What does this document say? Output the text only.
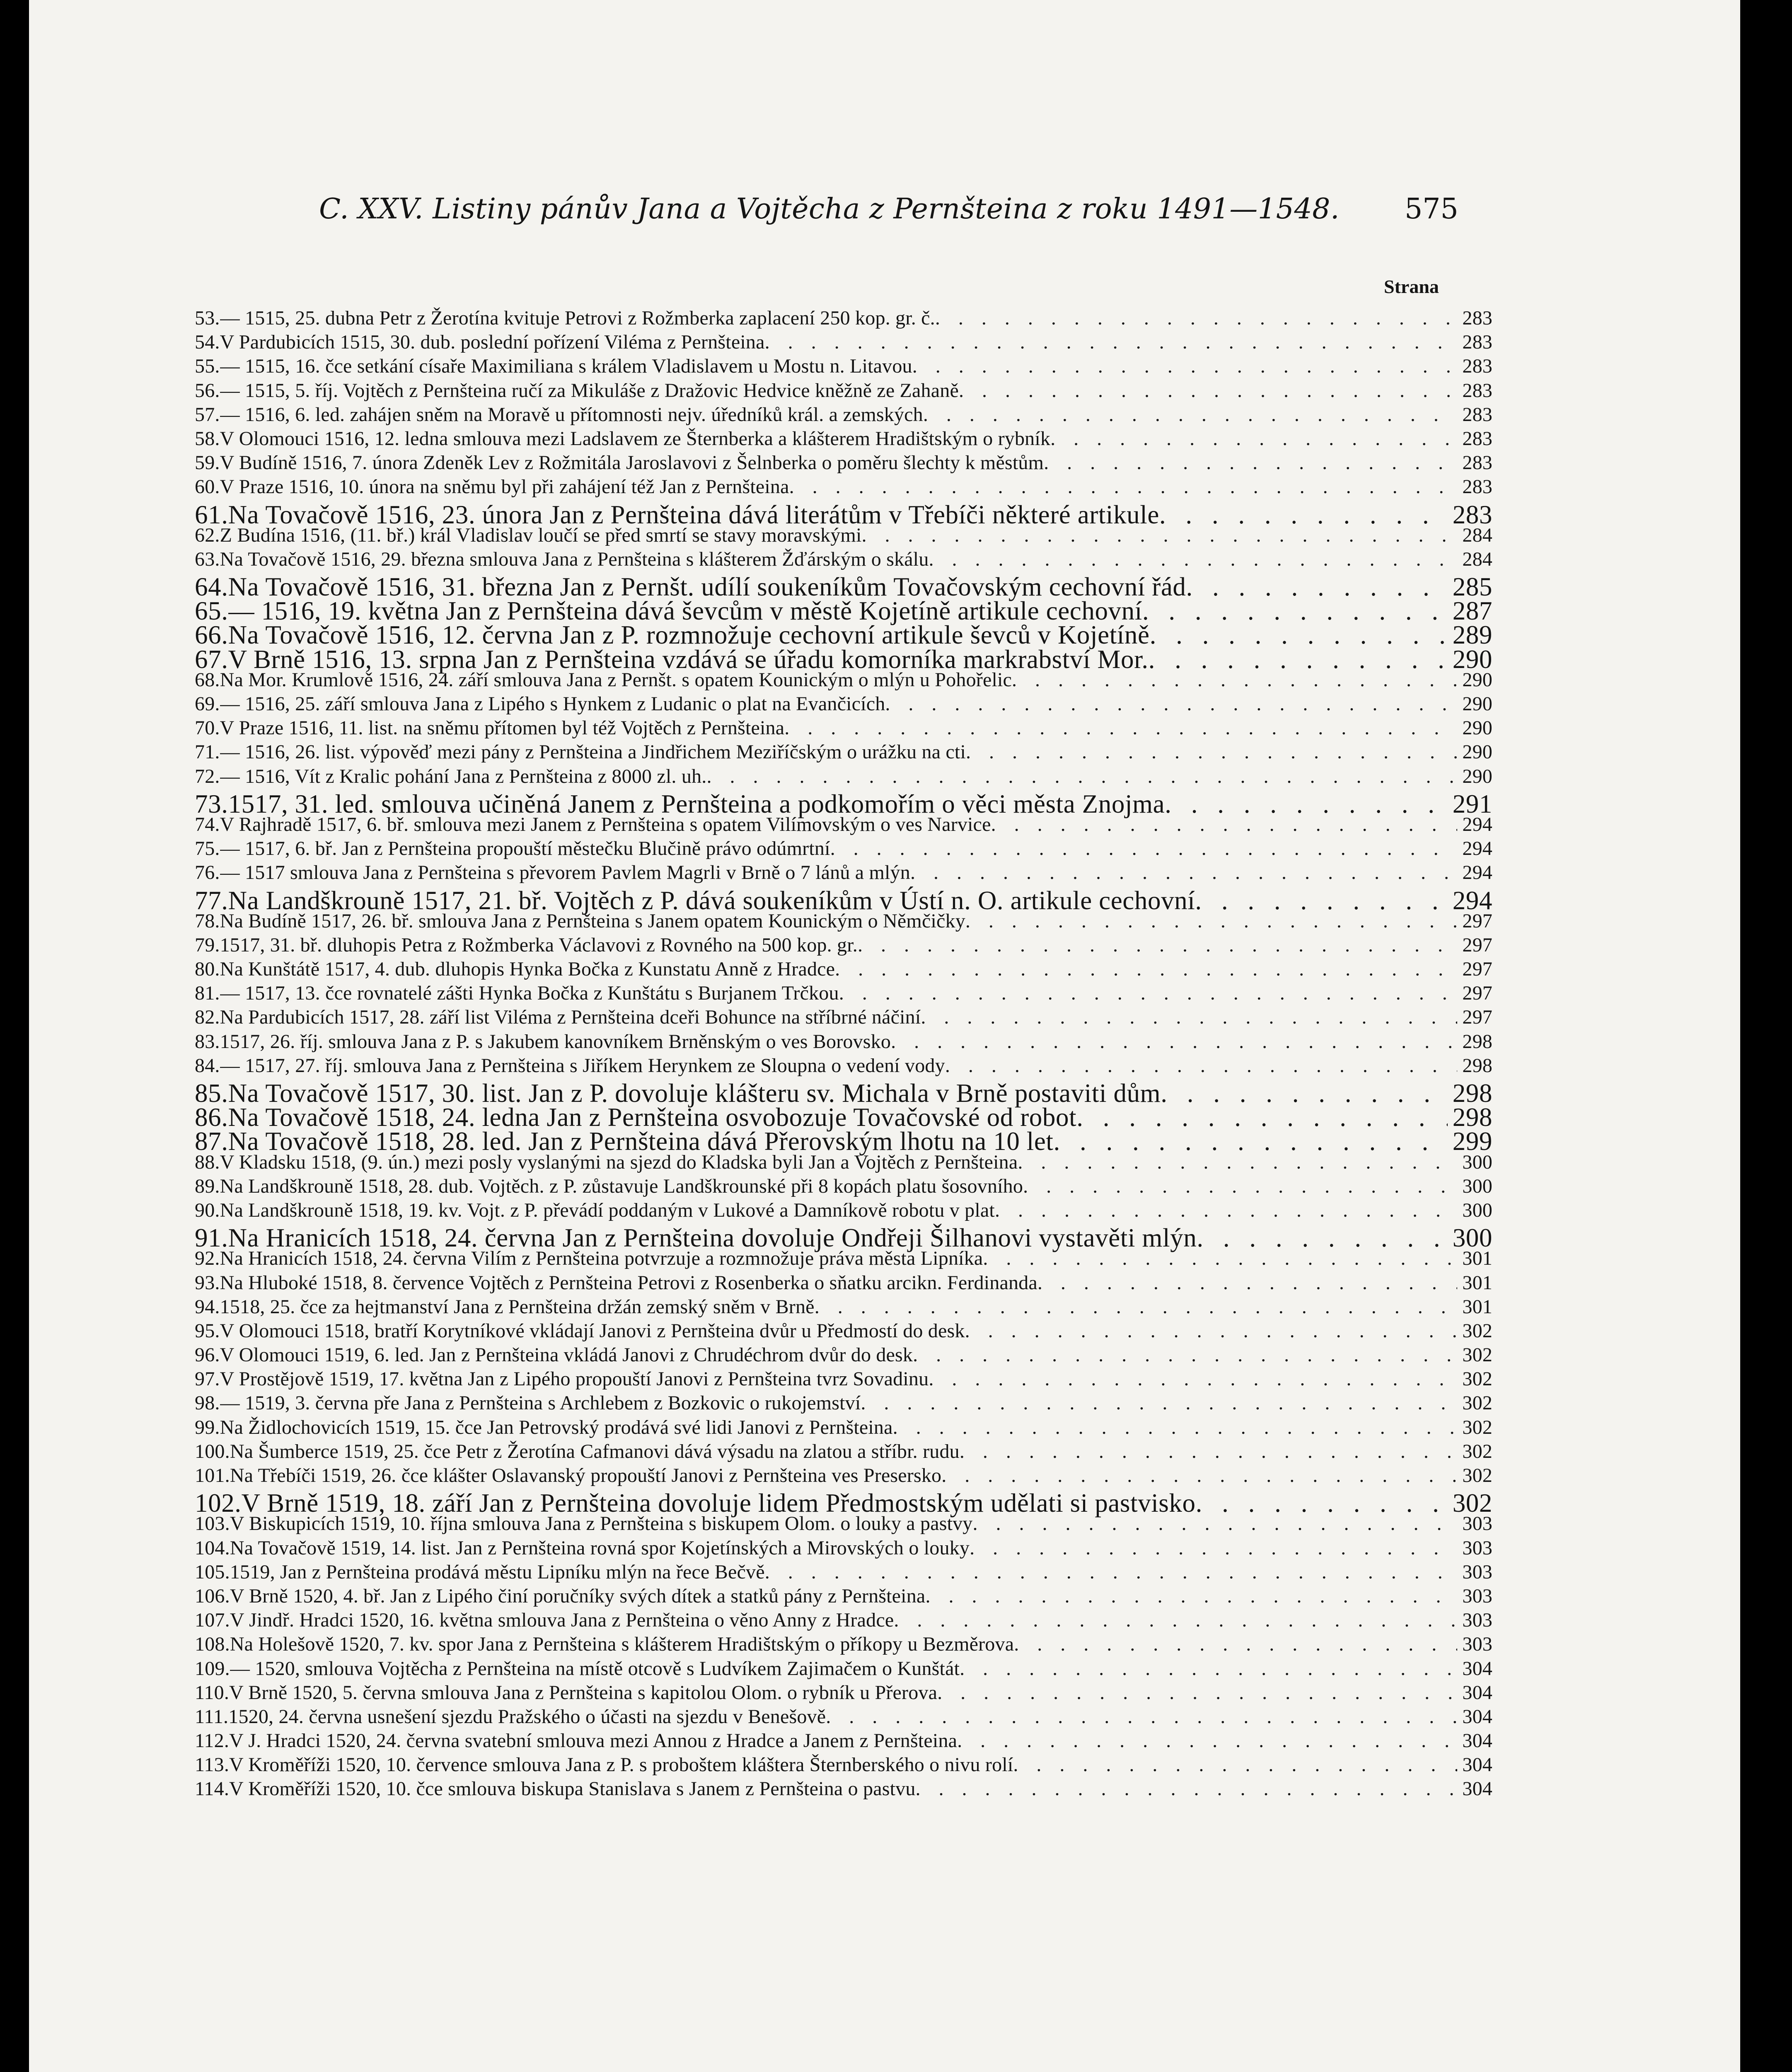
C. XXV. Listiny pánův Jana a Vojtěcha z Pernšteina z roku 1491—1548.	575
Strana
53. — 1515, 25. dubna Petr z Žerotína kvituje Petrovi z Rožmberka zaplacení 250 kop. gr. č. . . .	283
54. V Pardubicích 1515, 30. dub. poslední pořízení Viléma z Pernšteina . . .	283
55. — 1515, 16. čce setkání císaře Maximiliana s králem Vladislavem u Mostu n. Litavou . . .	283
56. — 1515, 5. říj. Vojtěch z Pernšteina ručí za Mikuláše z Dražovic Hedvice kněžně ze Zahaně . . .	283
57. — 1516, 6. led. zahájen sněm na Moravě u přítomnosti nejv. úředníků král. a zemských . . .	283
58. V Olomouci 1516, 12. ledna smlouva mezi Ladslavem ze Šternberka a klášterem Hradištským o rybník . . .	283
59. V Budíně 1516, 7. února Zdeněk Lev z Rožmitála Jaroslavovi z Šelnberka o poměru šlechty k městům . . .	283
60. V Praze 1516, 10. února na sněmu byl při zahájení též Jan z Pernšteina . . .	283
61. Na Tovačově 1516, 23. února Jan z Pernšteina dává literátům v Třebíči některé artikule . . .	283
62. Z Budína 1516, (11. bř.) král Vladislav loučí se před smrtí se stavy moravskými . . .	284
63. Na Tovačově 1516, 29. března smlouva Jana z Pernšteina s klášterem Žďárským o skálu . . .	284
64. Na Tovačově 1516, 31. března Jan z Pernšt. udílí soukeníkům Tovačovským cechovní řád . . .	285
65. — 1516, 19. května Jan z Pernšteina dává ševcům v městě Kojetíně artikule cechovní . . .	287
66. Na Tovačově 1516, 12. června Jan z P. rozmnožuje cechovní artikule ševců v Kojetíně . . .	289
67. V Brně 1516, 13. srpna Jan z Pernšteina vzdává se úřadu komorníka markrabství Mor. . . .	290
68. Na Mor. Krumlově 1516, 24. září smlouva Jana z Pernšt. s opatem Kounickým o mlýn u Pohořelic . . .	290
69. — 1516, 25. září smlouva Jana z Lipého s Hynkem z Ludanic o plat na Evančicích . . .	290
70. V Praze 1516, 11. list. na sněmu přítomen byl též Vojtěch z Pernšteina . . .	290
71. — 1516, 26. list. výpověď mezi pány z Pernšteina a Jindřichem Meziříčským o urážku na cti . . .	290
72. — 1516, Vít z Kralic pohání Jana z Pernšteina z 8000 zl. uh. . . .	290
73. 1517, 31. led. smlouva učiněná Janem z Pernšteina a podkomořím o věci města Znojma . . .	291
74. V Rajhradě 1517, 6. bř. smlouva mezi Janem z Pernšteina s opatem Vilímovským o ves Narvice . . .	294
75. — 1517, 6. bř. Jan z Pernšteina propouští městečku Blučině právo odúmrtní . . .	294
76. — 1517 smlouva Jana z Pernšteina s převorem Pavlem Magrli v Brně o 7 lánů a mlýn . . .	294
77. Na Landškrouně 1517, 21. bř. Vojtěch z P. dává soukeníkům v Ústí n. O. artikule cechovní . . .	294
78. Na Budíně 1517, 26. bř. smlouva Jana z Pernšteina s Janem opatem Kounickým o Němčičky . . .	297
79. 1517, 31. bř. dluhopis Petra z Rožmberka Václavovi z Rovného na 500 kop. gr. . . .	297
80. Na Kunštátě 1517, 4. dub. dluhopis Hynka Bočka z Kunstatu Anně z Hradce . . .	297
81. — 1517, 13. čce rovnatelé zášti Hynka Bočka z Kunštátu s Burjanem Trčkou . . .	297
82. Na Pardubicích 1517, 28. září list Viléma z Pernšteina dceři Bohunce na stříbrné náčiní . . .	297
83. 1517, 26. říj. smlouva Jana z P. s Jakubem kanovníkem Brněnským o ves Borovsko . . .	298
84. — 1517, 27. říj. smlouva Jana z Pernšteina s Jiříkem Herynkem ze Sloupna o vedení vody . . .	298
85. Na Tovačově 1517, 30. list. Jan z P. dovoluje klášteru sv. Michala v Brně postaviti dům . . .	298
86. Na Tovačově 1518, 24. ledna Jan z Pernšteina osvobozuje Tovačovské od robot . . .	298
87. Na Tovačově 1518, 28. led. Jan z Pernšteina dává Přerovským lhotu na 10 let . . .	299
88. V Kladsku 1518, (9. ún.) mezi posly vyslanými na sjezd do Kladska byli Jan a Vojtěch z Pernšteina . . .	300
89. Na Landškrouně 1518, 28. dub. Vojtěch. z P. zůstavuje Landškrounské při 8 kopách platu šosovního . . .	300
90. Na Landškrouně 1518, 19. kv. Vojt. z P. převádí poddaným v Lukové a Damníkově robotu v plat . . .	300
91. Na Hranicích 1518, 24. června Jan z Pernšteina dovoluje Ondřeji Šilhanovi vystavěti mlýn . . .	300
92. Na Hranicích 1518, 24. června Vilím z Pernšteina potvrzuje a rozmnožuje práva města Lipníka . . .	301
93. Na Hluboké 1518, 8. července Vojtěch z Pernšteina Petrovi z Rosenberka o sňatku arcikn. Ferdinanda . . .	301
94. 1518, 25. čce za hejtmanství Jana z Pernšteina držán zemský sněm v Brně . . .	301
95. V Olomouci 1518, bratří Korytníkové vkládají Janovi z Pernšteina dvůr u Předmostí do desk . . .	302
96. V Olomouci 1519, 6. led. Jan z Pernšteina vkládá Janovi z Chrudéchrom dvůr do desk . . .	302
97. V Prostějově 1519, 17. května Jan z Lipého propouští Janovi z Pernšteina tvrz Sovadinu . . .	302
98. — 1519, 3. června pře Jana z Pernšteina s Archlebem z Bozkovic o rukojemství . . .	302
99. Na Židlochovicích 1519, 15. čce Jan Petrovský prodává své lidi Janovi z Pernšteina . . .	302
100. Na Šumberce 1519, 25. čce Petr z Žerotína Cafmanovi dává výsadu na zlatou a stříbr. rudu . . .	302
101. Na Třebíči 1519, 26. čce klášter Oslavanský propouští Janovi z Pernšteina ves Presersko . . .	302
102. V Brně 1519, 18. září Jan z Pernšteina dovoluje lidem Předmostským udělati si pastvisko . . .	302
103. V Biskupicích 1519, 10. října smlouva Jana z Pernšteina s biskupem Olom. o louky a pastvy . . .	303
104. Na Tovačově 1519, 14. list. Jan z Pernšteina rovná spor Kojetínských a Mirovských o louky . . .	303
105. 1519, Jan z Pernšteina prodává městu Lipníku mlýn na řece Bečvě . . .	303
106. V Brně 1520, 4. bř. Jan z Lipého činí poručníky svých dítek a statků pány z Pernšteina . . .	303
107. V Jindř. Hradci 1520, 16. května smlouva Jana z Pernšteina o věno Anny z Hradce . . .	303
108. Na Holešově 1520, 7. kv. spor Jana z Pernšteina s klášterem Hradištským o příkopy u Bezměrova . . .	303
109. — 1520, smlouva Vojtěcha z Pernšteina na místě otcově s Ludvíkem Zajimačem o Kunštát . . .	304
110. V Brně 1520, 5. června smlouva Jana z Pernšteina s kapitolou Olom. o rybník u Přerova . . .	304
111. 1520, 24. června usnešení sjezdu Pražského o účasti na sjezdu v Benešově . . .	304
112. V J. Hradci 1520, 24. června svatební smlouva mezi Annou z Hradce a Janem z Pernšteina . . .	304
113. V Kroměříži 1520, 10. července smlouva Jana z P. s proboštem kláštera Šternberského o nivu rolí . . .	304
114. V Kroměříži 1520, 10. čce smlouva biskupa Stanislava s Janem z Pernšteina o pastvu . . .	304
